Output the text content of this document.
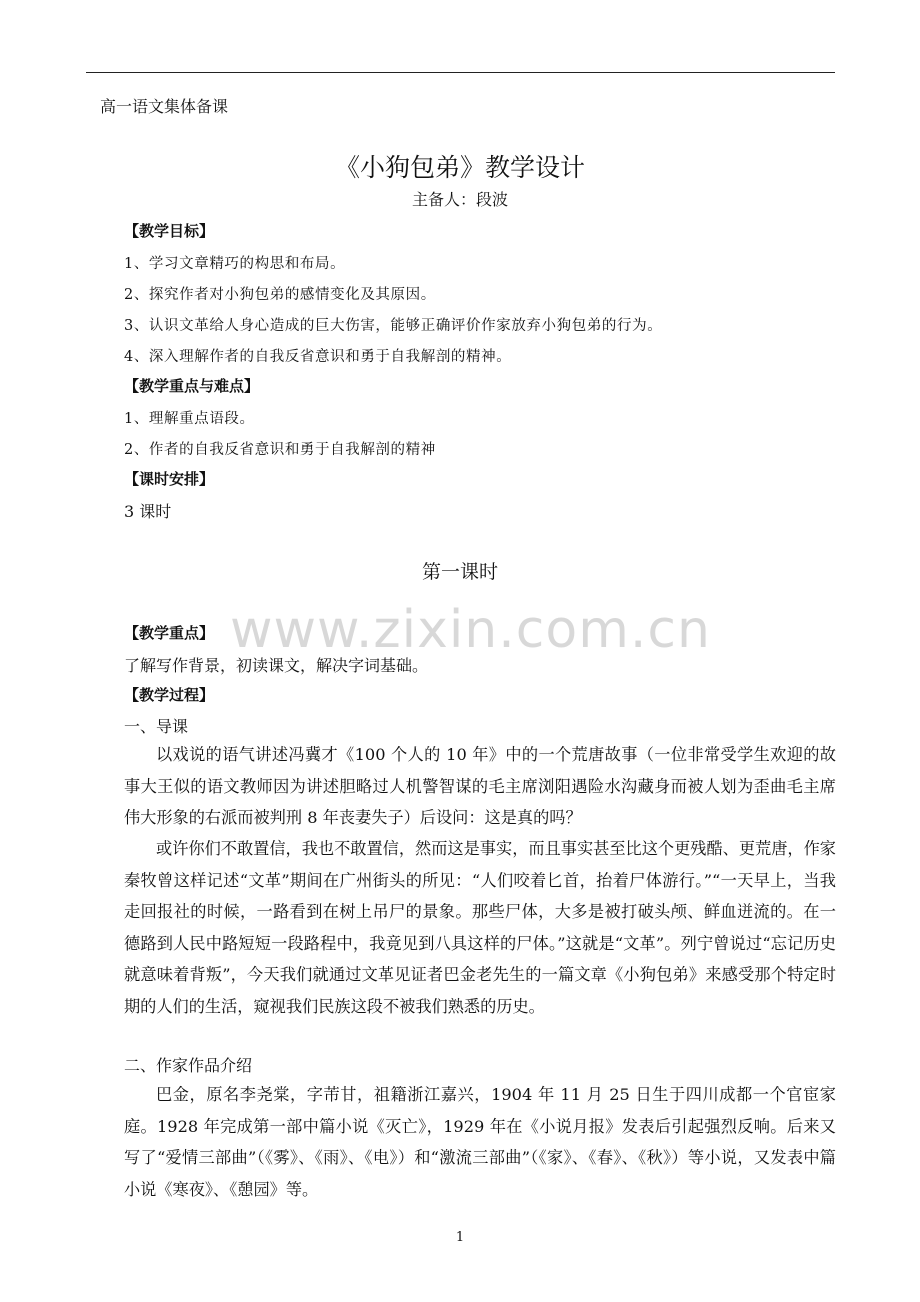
高一语文集体备课
《小狗包弟》教学设计
主备人：段波
【教学目标】
1、学习文章精巧的构思和布局。
2、探究作者对小狗包弟的感情变化及其原因。
3、认识文革给人身心造成的巨大伤害，能够正确评价作家放弃小狗包弟的行为。
4、深入理解作者的自我反省意识和勇于自我解剖的精神。
【教学重点与难点】
1、理解重点语段。
2、作者的自我反省意识和勇于自我解剖的精神
【课时安排】
3 课时
第一课时
www.zixin.com.cn
【教学重点】
了解写作背景，初读课文，解决字词基础。
【教学过程】
一、导课
以戏说的语气讲述冯冀才《100 个人的 10 年》中的一个荒唐故事（一位非常受学生欢迎的故事大王似的语文教师因为讲述胆略过人机警智谋的毛主席浏阳遇险水沟藏身而被人划为歪曲毛主席伟大形象的右派而被判刑 8 年丧妻失子）后设问：这是真的吗？
或许你们不敢置信，我也不敢置信，然而这是事实，而且事实甚至比这个更残酷、更荒唐，作家秦牧曾这样记述“文革”期间在广州街头的所见：“人们咬着匕首，抬着尸体游行。”“一天早上，当我走回报社的时候，一路看到在树上吊尸的景象。那些尸体，大多是被打破头颅、鲜血迸流的。在一德路到人民中路短短一段路程中，我竟见到八具这样的尸体。”这就是“文革”。列宁曾说过“忘记历史就意味着背叛”，今天我们就通过文革见证者巴金老先生的一篇文章《小狗包弟》来感受那个特定时期的人们的生活，窥视我们民族这段不被我们熟悉的历史。
二、作家作品介绍
巴金，原名李尧棠，字芾甘，祖籍浙江嘉兴，1904 年 11 月 25 日生于四川成都一个官宦家庭。1928 年完成第一部中篇小说《灭亡》，1929 年在《小说月报》发表后引起强烈反响。后来又写了“爱情三部曲”（《雾》、《雨》、《电》）和“激流三部曲”（《家》、《春》、《秋》）等小说，又发表中篇小说《寒夜》、《憩园》等。
1
